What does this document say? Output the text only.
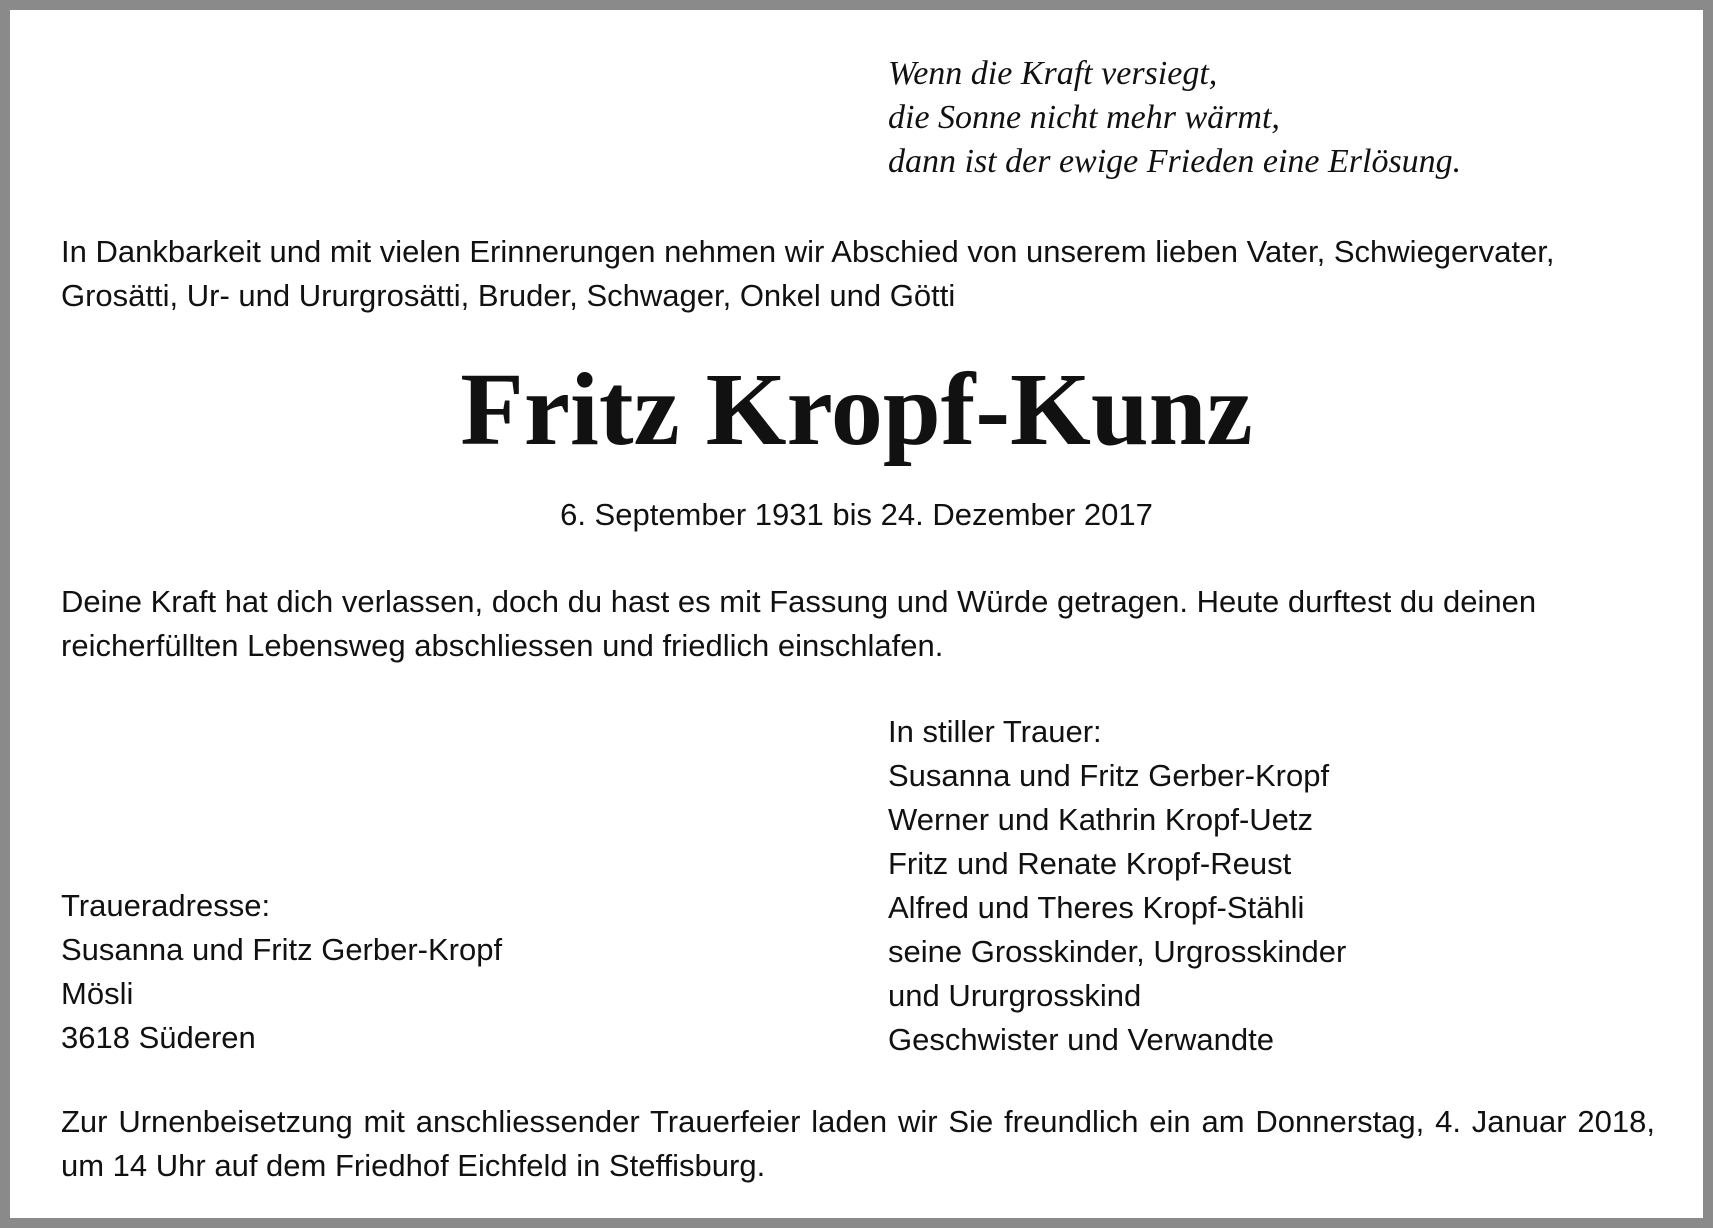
Wenn die Kraft versiegt,
die Sonne nicht mehr wärmt,
dann ist der ewige Frieden eine Erlösung.

In Dankbarkeit und mit vielen Erinnerungen nehmen wir Abschied von unserem lieben Vater, Schwiegervater, Grosätti, Ur- und Ururgrosätti, Bruder, Schwager, Onkel und Götti

Fritz Kropf-Kunz

6. September 1931 bis 24. Dezember 2017

Deine Kraft hat dich verlassen, doch du hast es mit Fassung und Würde getragen. Heute durftest du deinen reicherfüllten Lebensweg abschliessen und friedlich einschlafen.

In stiller Trauer:
Susanna und Fritz Gerber-Kropf
Werner und Kathrin Kropf-Uetz
Fritz und Renate Kropf-Reust
Alfred und Theres Kropf-Stähli
seine Grosskinder, Urgrosskinder
und Ururgrosskind
Geschwister und Verwandte
Traueradresse:
Susanna und Fritz Gerber-Kropf
Mösli
3618 Süderen

Zur Urnenbeisetzung mit anschliessender Trauerfeier laden wir Sie freundlich ein am Donnerstag, 4. Januar 2018, um 14 Uhr auf dem Friedhof Eichfeld in Steffisburg.
